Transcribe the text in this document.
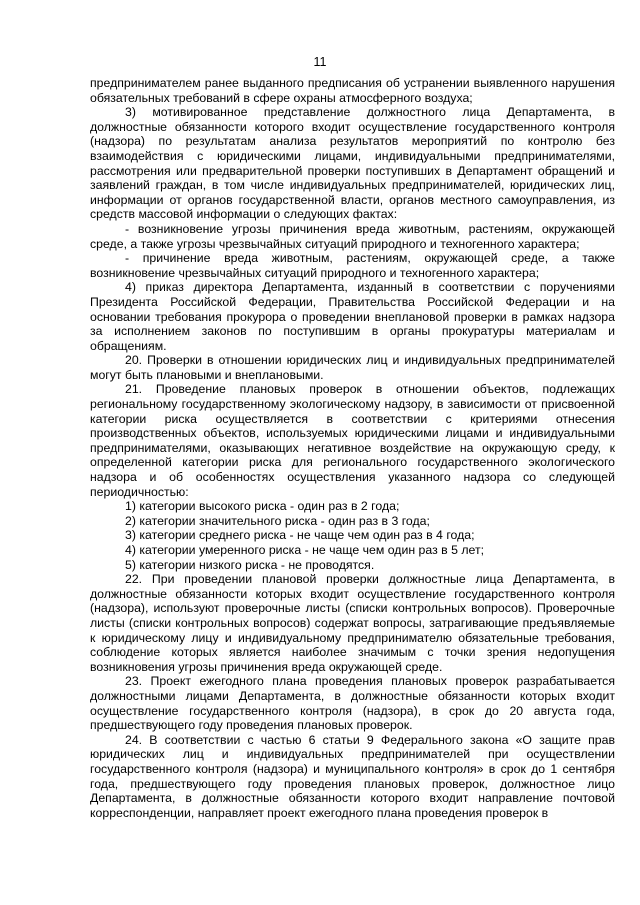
11

предпринимателем ранее выданного предписания об устранении выявленного нарушения обязательных требований в сфере охраны атмосферного воздуха;

3) мотивированное представление должностного лица Департамента, в должностные обязанности которого входит осуществление государственного контроля (надзора) по результатам анализа результатов мероприятий по контролю без взаимодействия с юридическими лицами, индивидуальными предпринимателями, рассмотрения или предварительной проверки поступивших в Департамент обращений и заявлений граждан, в том числе индивидуальных предпринимателей, юридических лиц, информации от органов государственной власти, органов местного самоуправления, из средств массовой информации о следующих фактах:

- возникновение угрозы причинения вреда животным, растениям, окружающей среде, а также угрозы чрезвычайных ситуаций природного и техногенного характера;

- причинение вреда животным, растениям, окружающей среде, а также возникновение чрезвычайных ситуаций природного и техногенного характера;

4) приказ директора Департамента, изданный в соответствии с поручениями Президента Российской Федерации, Правительства Российской Федерации и на основании требования прокурора о проведении внеплановой проверки в рамках надзора за исполнением законов по поступившим в органы прокуратуры материалам и обращениям.

20. Проверки в отношении юридических лиц и индивидуальных предпринимателей могут быть плановыми и внеплановыми.

21. Проведение плановых проверок в отношении объектов, подлежащих региональному государственному экологическому надзору, в зависимости от присвоенной категории риска осуществляется в соответствии с критериями отнесения производственных объектов, используемых юридическими лицами и индивидуальными предпринимателями, оказывающих негативное воздействие на окружающую среду, к определенной категории риска для регионального государственного экологического надзора и об особенностях осуществления указанного надзора со следующей периодичностью:

1) категории высокого риска - один раз в 2 года;

2) категории значительного риска - один раз в 3 года;

3) категории среднего риска - не чаще чем один раз в 4 года;

4) категории умеренного риска - не чаще чем один раз в 5 лет;

5) категории низкого риска - не проводятся.

22. При проведении плановой проверки должностные лица Департамента, в должностные обязанности которых входит осуществление государственного контроля (надзора), используют проверочные листы (списки контрольных вопросов). Проверочные листы (списки контрольных вопросов) содержат вопросы, затрагивающие предъявляемые к юридическому лицу и индивидуальному предпринимателю обязательные требования, соблюдение которых является наиболее значимым с точки зрения недопущения возникновения угрозы причинения вреда окружающей среде.

23. Проект ежегодного плана проведения плановых проверок разрабатывается должностными лицами Департамента, в должностные обязанности которых входит осуществление государственного контроля (надзора), в срок до 20 августа года, предшествующего году проведения плановых проверок.

24. В соответствии с частью 6 статьи 9 Федерального закона «О защите прав юридических лиц и индивидуальных предпринимателей при осуществлении государственного контроля (надзора) и муниципального контроля» в срок до 1 сентября года, предшествующего году проведения плановых проверок, должностное лицо Департамента, в должностные обязанности которого входит направление почтовой корреспонденции, направляет проект ежегодного плана проведения проверок в
